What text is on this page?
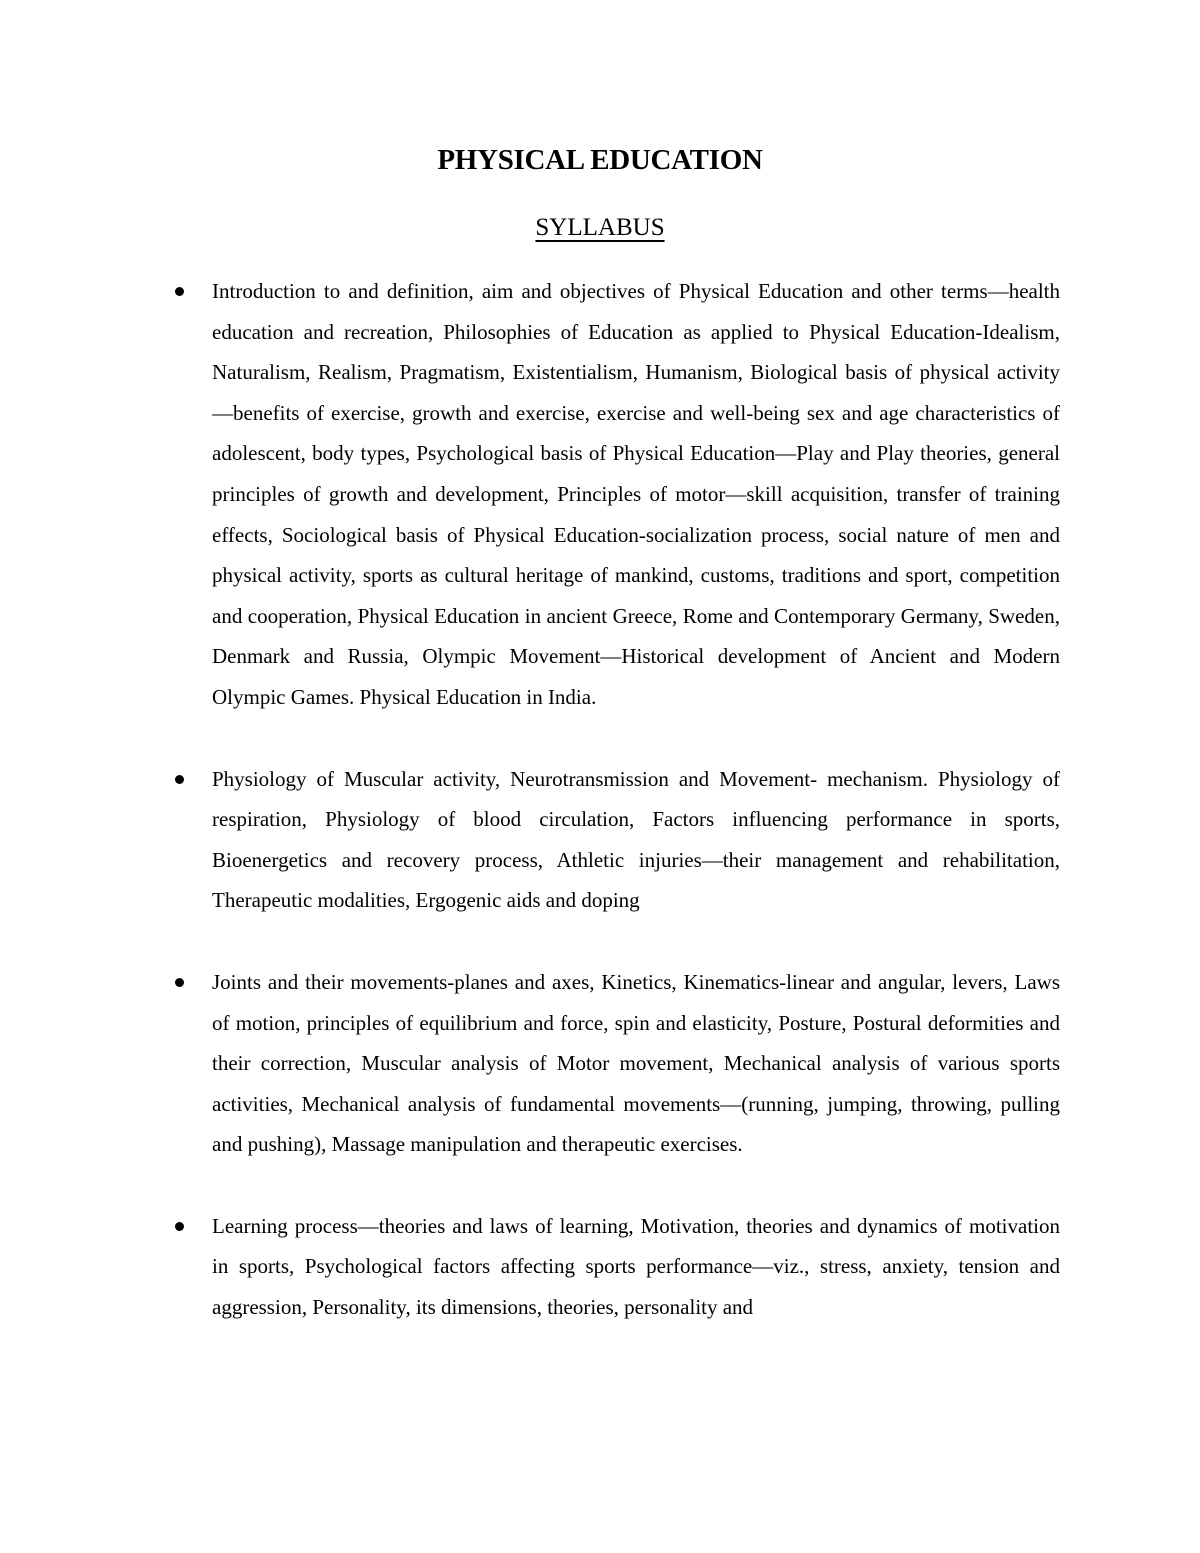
PHYSICAL EDUCATION
SYLLABUS
Introduction to and definition, aim and objectives of Physical Education and other terms—health education and recreation, Philosophies of Education as applied to Physical Education-Idealism, Naturalism, Realism, Pragmatism, Existentialism, Humanism, Biological basis of physical activity—benefits of exercise, growth and exercise, exercise and well-being sex and age characteristics of adolescent, body types, Psychological basis of Physical Education—Play and Play theories, general principles of growth and development, Principles of motor—skill acquisition, transfer of training effects, Sociological basis of Physical Education-socialization process, social nature of men and physical activity, sports as cultural heritage of mankind, customs, traditions and sport, competition and cooperation, Physical Education in ancient Greece, Rome and Contemporary Germany, Sweden, Denmark and Russia, Olympic Movement—Historical development of Ancient and Modern Olympic Games. Physical Education in India.
Physiology of Muscular activity, Neurotransmission and Movement- mechanism. Physiology of respiration, Physiology of blood circulation, Factors influencing performance in sports, Bioenergetics and recovery process, Athletic injuries—their management and rehabilitation, Therapeutic modalities, Ergogenic aids and doping
Joints and their movements-planes and axes, Kinetics, Kinematics-linear and angular, levers, Laws of motion, principles of equilibrium and force, spin and elasticity, Posture, Postural deformities and their correction, Muscular analysis of Motor movement, Mechanical analysis of various sports activities, Mechanical analysis of fundamental movements—(running, jumping, throwing, pulling and pushing), Massage manipulation and therapeutic exercises.
Learning process—theories and laws of learning, Motivation, theories and dynamics of motivation in sports, Psychological factors affecting sports performance—viz., stress, anxiety, tension and aggression, Personality, its dimensions, theories, personality and
